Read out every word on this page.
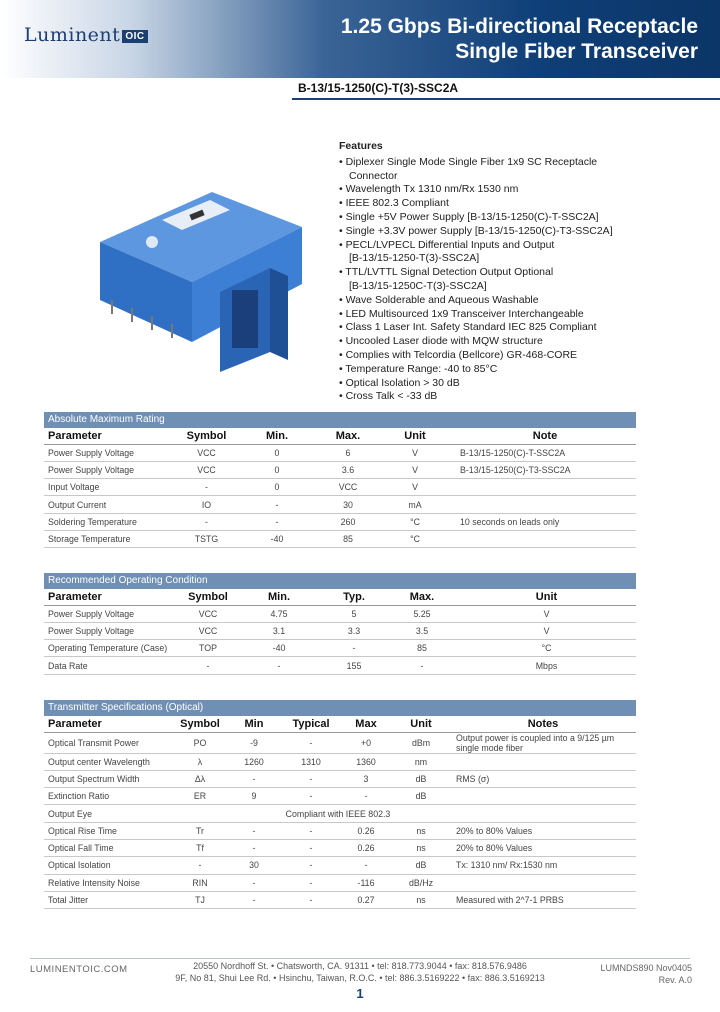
Luminent OIC	1.25 Gbps Bi-directional Receptacle
Single Fiber Transceiver
B-13/15-1250(C)-T(3)-SSC2A
Features
• Diplexer Single Mode Single Fiber 1x9 SC Receptacle
Connector
• Wavelength Tx 1310 nm/Rx 1530 nm
• IEEE 802.3 Compliant
• Single +5V Power Supply [B-13/15-1250(C)-T-SSC2A]
• Single +3.3V power Supply [B-13/15-1250(C)-T3-SSC2A]
• PECL/LVPECL Differential Inputs and Output
[B-13/15-1250-T(3)-SSC2A]
• TTL/LVTTL Signal Detection Output Optional
[B-13/15-1250C-T(3)-SSC2A]
• Wave Solderable and Aqueous Washable
• LED Multisourced 1x9 Transceiver Interchangeable
• Class 1 Laser Int. Safety Standard IEC 825 Compliant
• Uncooled Laser diode with MQW structure
• Complies with Telcordia (Bellcore) GR-468-CORE
• Temperature Range: -40 to 85°C
• Optical Isolation > 30 dB
• Cross Talk < -33 dB
Absolute Maximum Rating
Parameter	Symbol	Min.	Max.	Unit	Note
Power Supply Voltage	VCC	0	6	V	B-13/15-1250(C)-T-SSC2A
Power Supply Voltage	VCC	0	3.6	V	B-13/15-1250(C)-T3-SSC2A
Input Voltage	-	0	VCC	V	
Output Current	IO	-	30	mA	
Soldering Temperature	-	-	260	°C	10 seconds on leads only
Storage Temperature	TSTG	-40	85	°C	
Recommended Operating Condition
Parameter	Symbol	Min.	Typ.	Max.	Unit
Power Supply Voltage	VCC	4.75	5	5.25	V
Power Supply Voltage	VCC	3.1	3.3	3.5	V
Operating Temperature (Case)	TOP	-40	-	85	°C
Data Rate	-	-	155	-	Mbps
Transmitter Specifications (Optical)
Parameter	Symbol	Min	Typical	Max	Unit	Notes
Optical Transmit Power	PO	-9	-	+0	dBm	Output power is coupled into a 9/125 µm single mode fiber
Output center Wavelength	λ	1260	1310	1360	nm	
Output Spectrum Width	Δλ	-	-	3	dB	RMS (σ)
Extinction Ratio	ER	9	-	-	dB	
Output Eye		Compliant with IEEE 802.3				
Optical Rise Time	Tr	-	-	0.26	ns	20% to 80% Values
Optical Fall Time	Tf	-	-	0.26	ns	20% to 80% Values
Optical Isolation	-	30	-	-	dB	Tx: 1310 nm/ Rx:1530 nm
Relative Intensity Noise	RIN	-	-	-116	dB/Hz	
Total Jitter	TJ	-	-	0.27	ns	Measured with 2^7-1 PRBS
LUMINENTOIC.COM	20550 Nordhoff St. • Chatsworth, CA. 91311 • tel: 818.773.9044 • fax: 818.576.9486
9F, No 81, Shui Lee Rd. • Hsinchu, Taiwan, R.O.C. • tel: 886.3.5169222 • fax: 886.3.5169213
LUMNDS890 Nov0405
Rev. A.0
1
